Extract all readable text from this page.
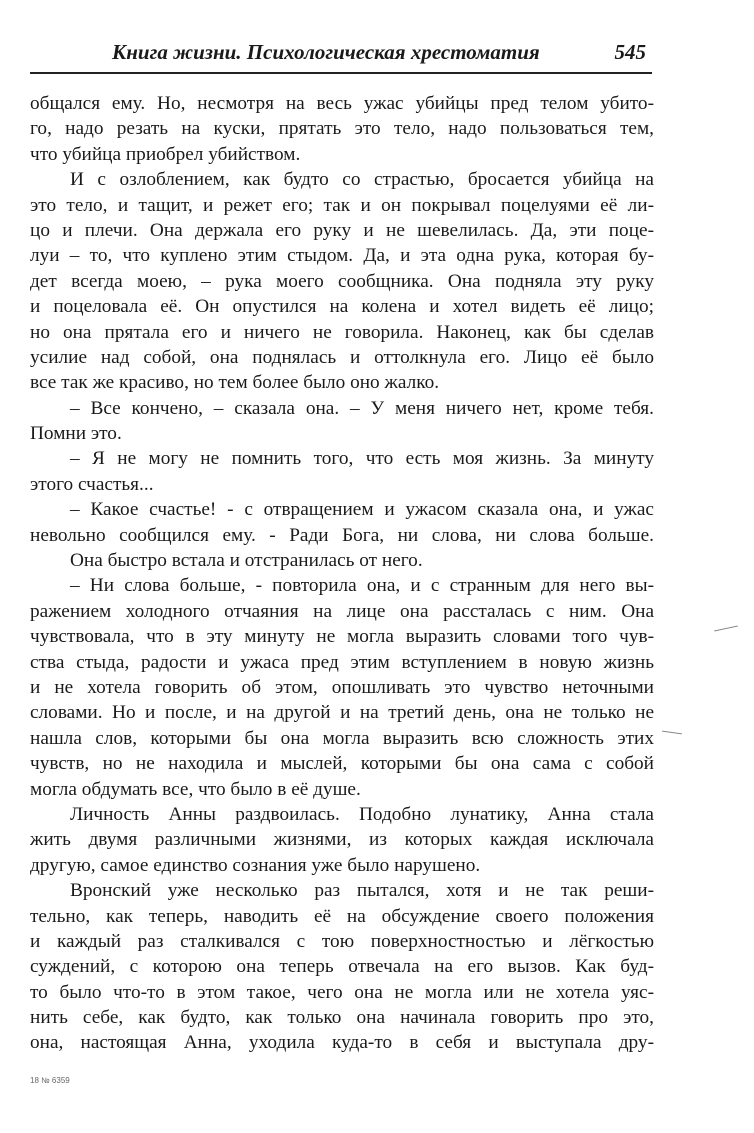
Книга жизни. Психологическая хрестоматия	545
общался ему. Но, несмотря на весь ужас убийцы пред телом убито-
го, надо резать на куски, прятать это тело, надо пользоваться тем,
что убийца приобрел убийством.
И с озлоблением, как будто со страстью, бросается убийца на
это тело, и тащит, и режет его; так и он покрывал поцелуями её ли-
цо и плечи. Она держала его руку и не шевелилась. Да, эти поце-
луи – то, что куплено этим стыдом. Да, и эта одна рука, которая бу-
дет всегда моею, – рука моего сообщника. Она подняла эту руку
и поцеловала её. Он опустился на колена и хотел видеть её лицо;
но она прятала его и ничего не говорила. Наконец, как бы сделав
усилие над собой, она поднялась и оттолкнула его. Лицо её было
все так же красиво, но тем более было оно жалко.
– Все кончено, – сказала она. – У меня ничего нет, кроме тебя.
Помни это.
– Я не могу не помнить того, что есть моя жизнь. За минуту
этого счастья...
– Какое счастье! - с отвращением и ужасом сказала она, и ужас
невольно сообщился ему. - Ради Бога, ни слова, ни слова больше.
Она быстро встала и отстранилась от него.
– Ни слова больше, - повторила она, и с странным для него вы-
ражением холодного отчаяния на лице она рассталась с ним. Она
чувствовала, что в эту минуту не могла выразить словами того чув-
ства стыда, радости и ужаса пред этим вступлением в новую жизнь
и не хотела говорить об этом, опошливать это чувство неточными
словами. Но и после, и на другой и на третий день, она не только не
нашла слов, которыми бы она могла выразить всю сложность этих
чувств, но не находила и мыслей, которыми бы она сама с собой
могла обдумать все, что было в её душе.
Личность Анны раздвоилась. Подобно лунатику, Анна стала
жить двумя различными жизнями, из которых каждая исключала
другую, самое единство сознания уже было нарушено.
Вронский уже несколько раз пытался, хотя и не так реши-
тельно, как теперь, наводить её на обсуждение своего положения
и каждый раз сталкивался с тою поверхностностью и лёгкостью
суждений, с которою она теперь отвечала на его вызов. Как буд-
то было что-то в этом такое, чего она не могла или не хотела уяс-
нить себе, как будто, как только она начинала говорить про это,
она, настоящая Анна, уходила куда-то в себя и выступала дру-
18 № 6359
